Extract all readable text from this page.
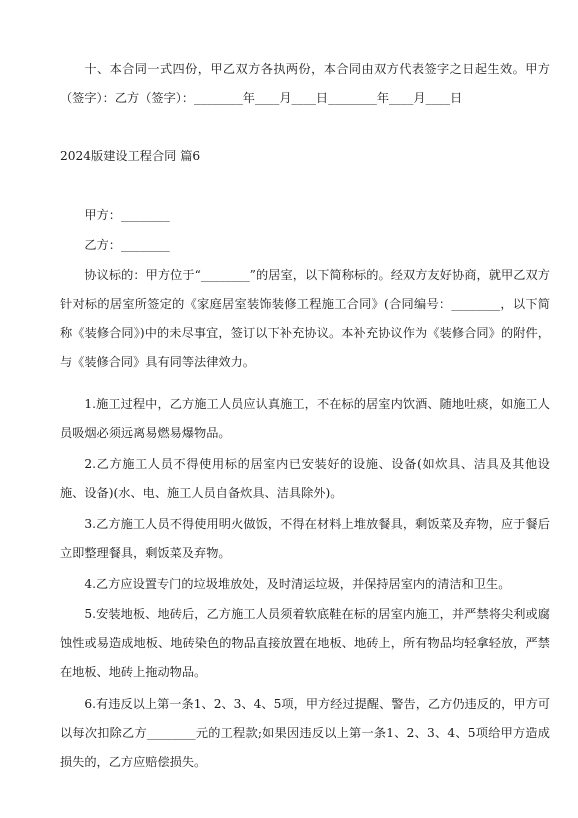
十、本合同一式四份，甲乙双方各执两份，本合同由双方代表签字之日起生效。甲方（签字）：乙方（签字）：________年____月____日________年____月____日

2024版建设工程合同 篇6

甲方：________

乙方：________

协议标的：甲方位于“________”的居室，以下简称标的。经双方友好协商，就甲乙双方针对标的居室所签定的《家庭居室装饰装修工程施工合同》(合同编号：________，以下简称《装修合同》)中的未尽事宜，签订以下补充协议。本补充协议作为《装修合同》的附件，与《装修合同》具有同等法律效力。

1.施工过程中，乙方施工人员应认真施工，不在标的居室内饮酒、随地吐痰，如施工人员吸烟必须远离易燃易爆物品。

2.乙方施工人员不得使用标的居室内已安装好的设施、设备(如炊具、洁具及其他设施、设备)(水、电、施工人员自备炊具、洁具除外)。

3.乙方施工人员不得使用明火做饭，不得在材料上堆放餐具，剩饭菜及弃物，应于餐后立即整理餐具，剩饭菜及弃物。

4.乙方应设置专门的垃圾堆放处，及时清运垃圾，并保持居室内的清洁和卫生。

5.安装地板、地砖后，乙方施工人员须着软底鞋在标的居室内施工，并严禁将尖利或腐蚀性或易造成地板、地砖染色的物品直接放置在地板、地砖上，所有物品均轻拿轻放，严禁在地板、地砖上拖动物品。

6.有违反以上第一条1、2、3、4、5项，甲方经过提醒、警告，乙方仍违反的，甲方可以每次扣除乙方________元的工程款;如果因违反以上第一条1、2、3、4、5项给甲方造成损失的，乙方应赔偿损失。
